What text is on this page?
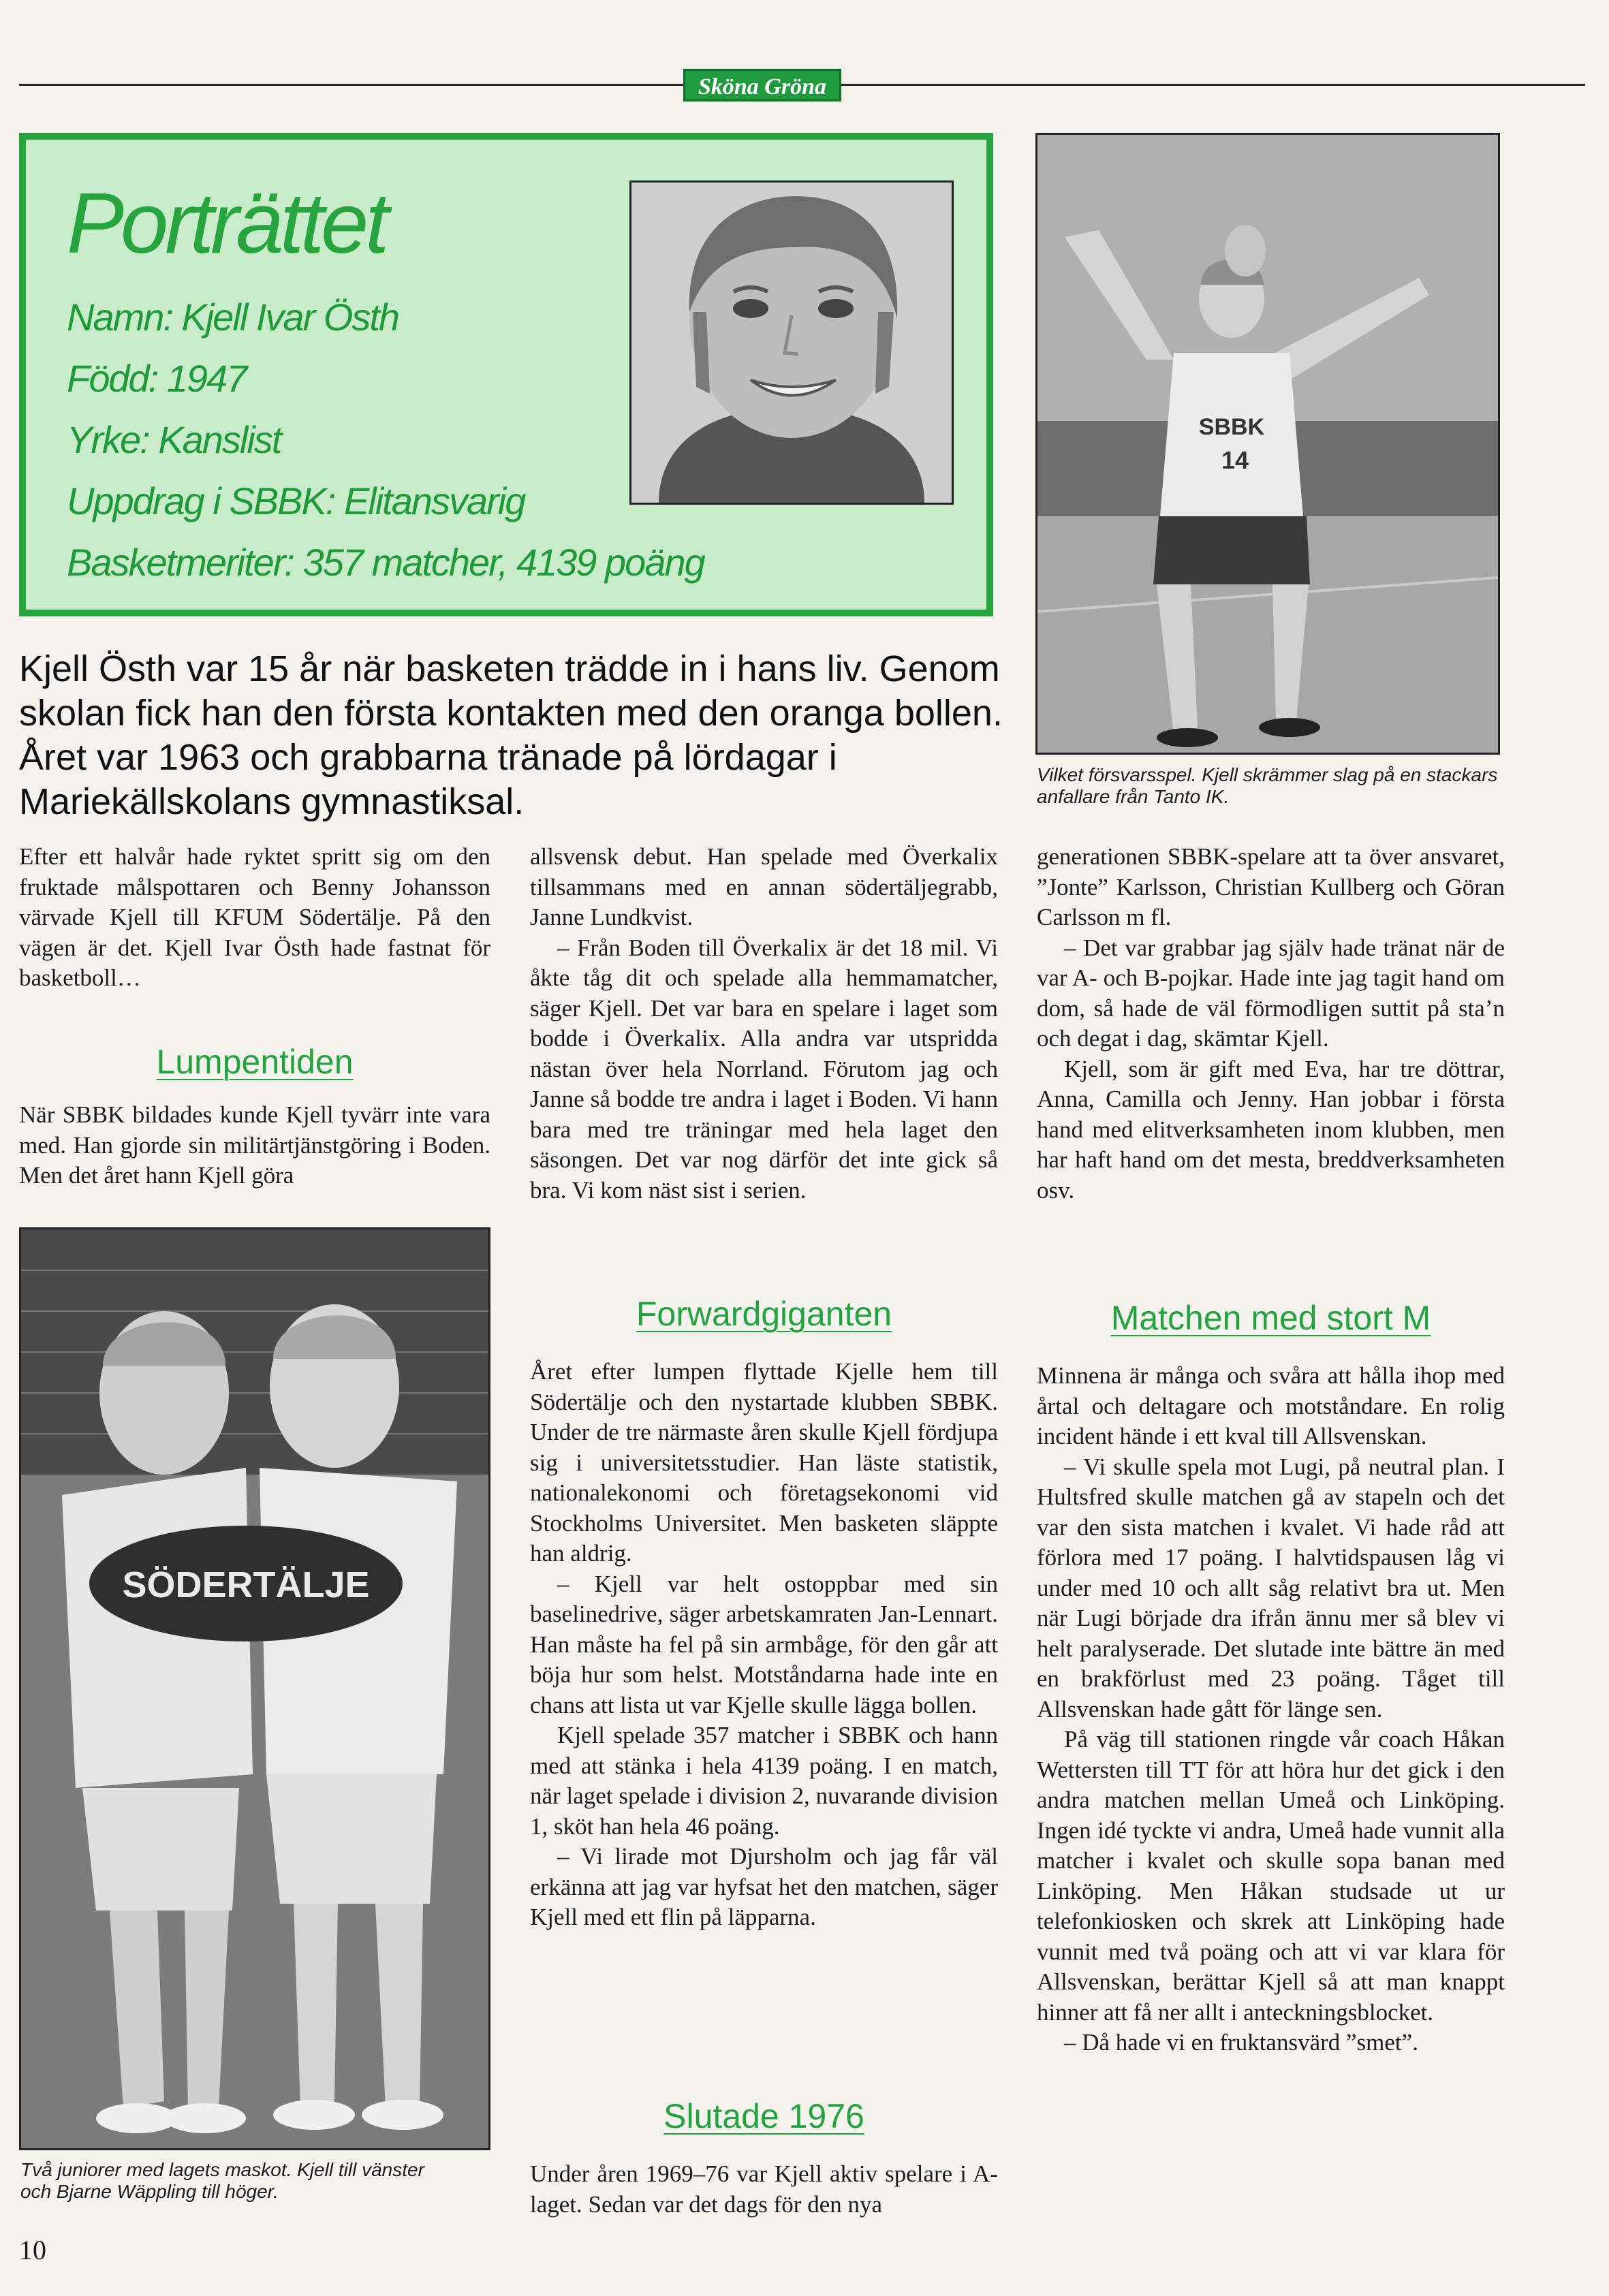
Sköna Gröna
Porträttet

Namn: Kjell Ivar Östh

Född: 1947

Yrke: Kanslist

Uppdrag i SBBK: Elitansvarig

Basketmeriter: 357 matcher, 4139 poäng

SBBK
14
Vilket försvarsspel. Kjell skrämmer slag på en stackars anfallare från Tanto IK.

Kjell Östh var 15 år när basketen trädde in i hans liv. Genom skolan fick han den första kontakten med den oranga bollen. Året var 1963 och grabbarna tränade på lördagar i Mariekällskolans gymnastiksal.

Efter ett halvår hade ryktet spritt sig om den fruktade målspottaren och Benny Johansson värvade Kjell till KFUM Södertälje. På den vägen är det. Kjell Ivar Östh hade fastnat för basketboll…

Lumpentiden

När SBBK bildades kunde Kjell tyvärr inte vara med. Han gjorde sin militärtjänstgöring i Boden. Men det året hann Kjell göra

SÖDERTÄLJE
Två juniorer med lagets maskot. Kjell till vänster och Bjarne Wäppling till höger.

allsvensk debut. Han spelade med Överkalix tillsammans med en annan södertäljegrabb, Janne Lundkvist.

– Från Boden till Överkalix är det 18 mil. Vi åkte tåg dit och spelade alla hemmamatcher, säger Kjell. Det var bara en spelare i laget som bodde i Överkalix. Alla andra var utspridda nästan över hela Norrland. Förutom jag och Janne så bodde tre andra i laget i Boden. Vi hann bara med tre träningar med hela laget den säsongen. Det var nog därför det inte gick så bra. Vi kom näst sist i serien.

Forwardgiganten

Året efter lumpen flyttade Kjelle hem till Södertälje och den nystartade klubben SBBK. Under de tre närmaste åren skulle Kjell fördjupa sig i universitetsstudier. Han läste statistik, nationalekonomi och företagsekonomi vid Stockholms Universitet. Men basketen släppte han aldrig.

– Kjell var helt ostoppbar med sin baselinedrive, säger arbetskamraten Jan-Lennart. Han måste ha fel på sin armbåge, för den går att böja hur som helst. Motståndarna hade inte en chans att lista ut var Kjelle skulle lägga bollen.

Kjell spelade 357 matcher i SBBK och hann med att stänka i hela 4139 poäng. I en match, när laget spelade i division 2, nuvarande division 1, sköt han hela 46 poäng.

– Vi lirade mot Djursholm och jag får väl erkänna att jag var hyfsat het den matchen, säger Kjell med ett flin på läpparna.

Slutade 1976

Under åren 1969–76 var Kjell aktiv spelare i A-laget. Sedan var det dags för den nya

generationen SBBK-spelare att ta över ansvaret, ”Jonte” Karlsson, Christian Kullberg och Göran Carlsson m fl.

– Det var grabbar jag själv hade tränat när de var A- och B-pojkar. Hade inte jag tagit hand om dom, så hade de väl förmodligen suttit på sta’n och degat i dag, skämtar Kjell.

Kjell, som är gift med Eva, har tre döttrar, Anna, Camilla och Jenny. Han jobbar i första hand med elitverksamheten inom klubben, men har haft hand om det mesta, breddverksamheten osv.

Matchen med stort M

Minnena är många och svåra att hålla ihop med årtal och deltagare och motståndare. En rolig incident hände i ett kval till Allsvenskan.

– Vi skulle spela mot Lugi, på neutral plan. I Hultsfred skulle matchen gå av stapeln och det var den sista matchen i kvalet. Vi hade råd att förlora med 17 poäng. I halvtidspausen låg vi under med 10 och allt såg relativt bra ut. Men när Lugi började dra ifrån ännu mer så blev vi helt paralyserade. Det slutade inte bättre än med en brakförlust med 23 poäng. Tåget till Allsvenskan hade gått för länge sen.

På väg till stationen ringde vår coach Håkan Wettersten till TT för att höra hur det gick i den andra matchen mellan Umeå och Linköping. Ingen idé tyckte vi andra, Umeå hade vunnit alla matcher i kvalet och skulle sopa banan med Linköping. Men Håkan studsade ut ur telefonkiosken och skrek att Linköping hade vunnit med två poäng och att vi var klara för Allsvenskan, berättar Kjell så att man knappt hinner att få ner allt i anteckningsblocket.

– Då hade vi en fruktansvärd ”smet”.

10
